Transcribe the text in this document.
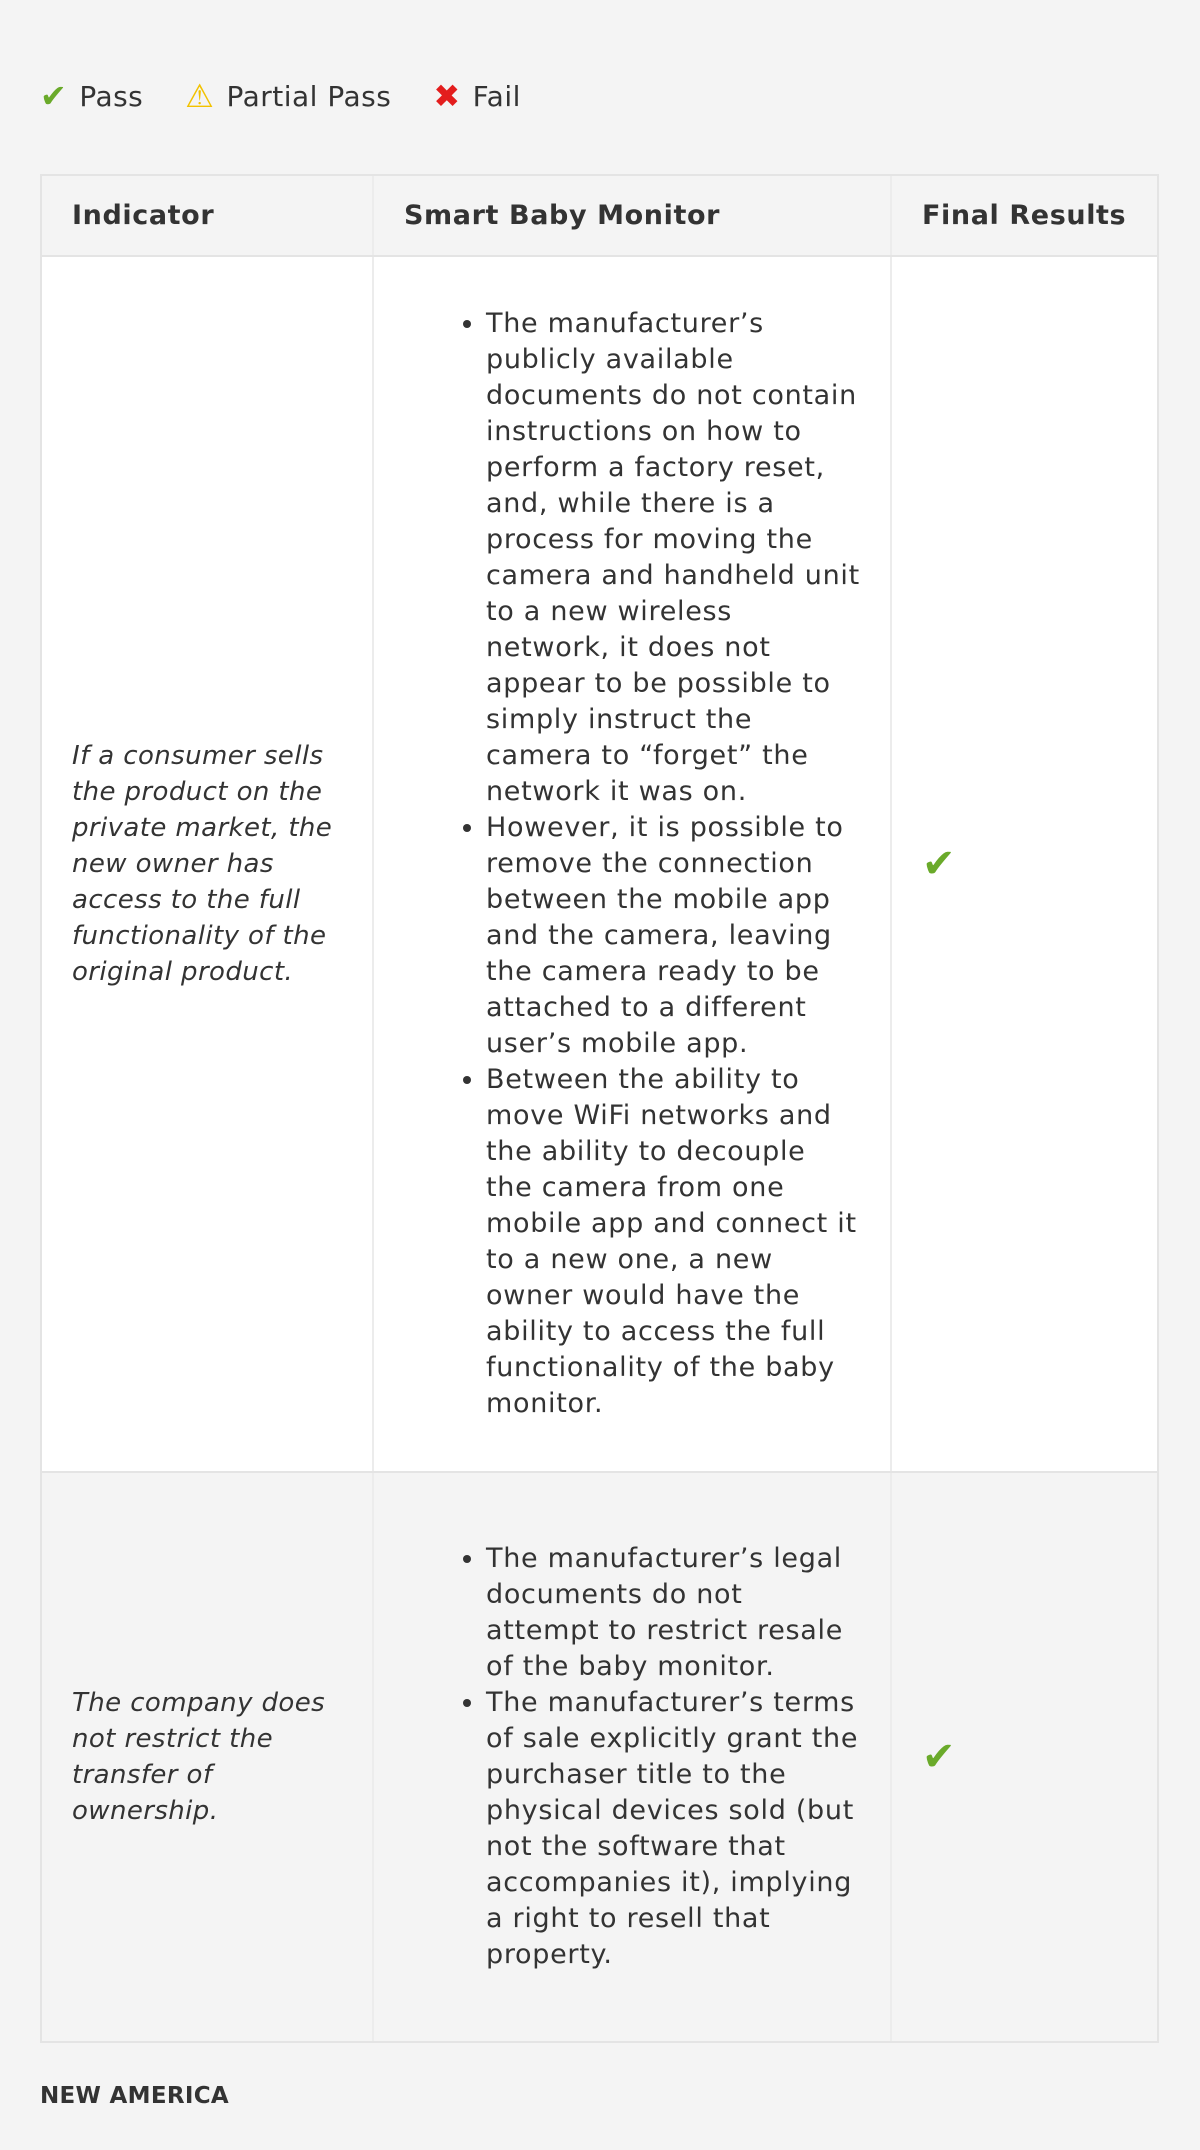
✔ Pass ⚠ Partial Pass ✖ Fail
Indicator	Smart Baby Monitor	Final Results
If a consumer sells the product on the private market, the new owner has access to the full functionality of the original product.
• The manufacturer’s publicly available documents do not contain instructions on how to perform a factory reset, and, while there is a process for moving the camera and handheld unit to a new wireless network, it does not appear to be possible to simply instruct the camera to “forget” the network it was on.
• However, it is possible to remove the connection between the mobile app and the camera, leaving the camera ready to be attached to a different user’s mobile app.
• Between the ability to move WiFi networks and the ability to decouple the camera from one mobile app and connect it to a new one, a new owner would have the ability to access the full functionality of the baby monitor.
✔
The company does not restrict the transfer of ownership.
• The manufacturer’s legal documents do not attempt to restrict resale of the baby monitor.
• The manufacturer’s terms of sale explicitly grant the purchaser title to the physical devices sold (but not the software that accompanies it), implying a right to resell that property.
✔
NEW AMERICA
